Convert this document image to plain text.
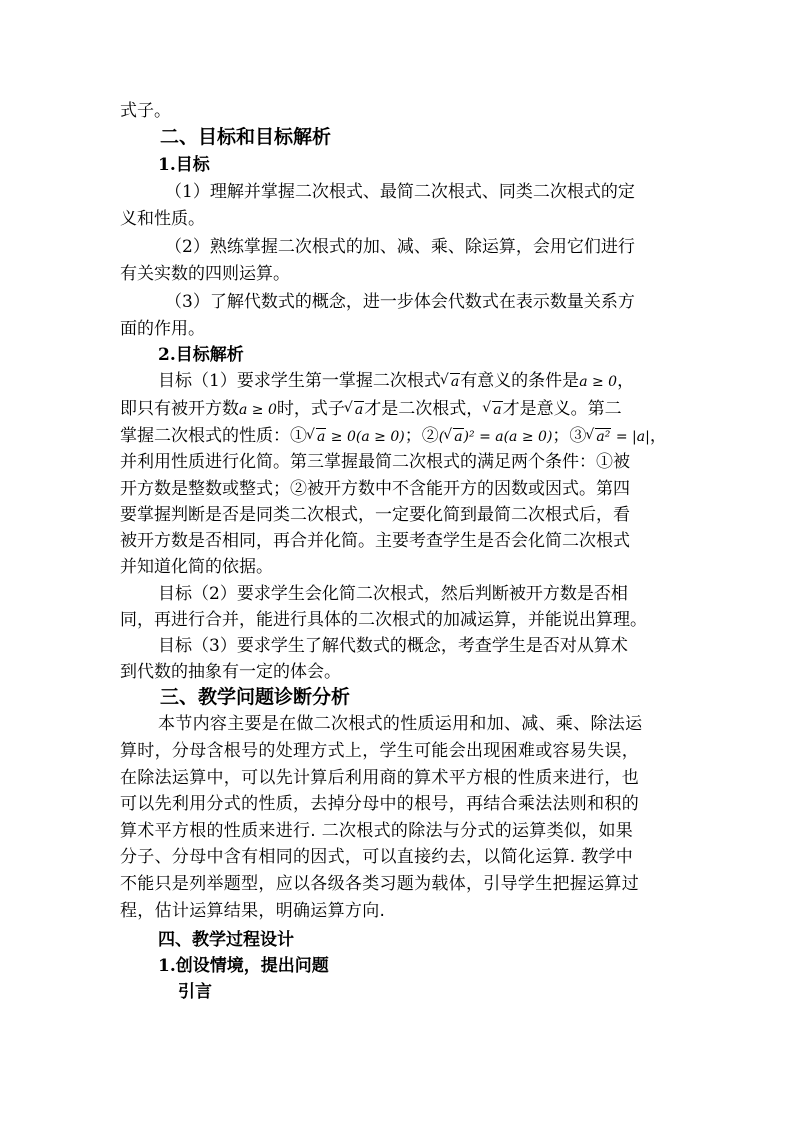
式子。

二、目标和目标解析

1.目标

（1）理解并掌握二次根式、最简二次根式、同类二次根式的定

义和性质。

（2）熟练掌握二次根式的加、减、乘、除运算，会用它们进行

有关实数的四则运算。

（3）了解代数式的概念，进一步体会代数式在表示数量关系方

面的作用。

2.目标解析

目标（1）要求学生第一掌握二次根式 √ a有意义的条件是a ≥ 0，

即只有被开方数a ≥ 0时，式子 √ a才是二次根式， √ a才是意义。第二

掌握二次根式的性质：① √ a ≥ 0(a ≥ 0)；②( √ a)² = a(a ≥ 0)；③ √ a² = |a|，

并利用性质进行化简。第三掌握最简二次根式的满足两个条件：①被

开方数是整数或整式；②被开方数中不含能开方的因数或因式。第四

要掌握判断是否是同类二次根式，一定要化简到最简二次根式后，看

被开方数是否相同，再合并化简。主要考查学生是否会化简二次根式

并知道化简的依据。

目标（2）要求学生会化简二次根式，然后判断被开方数是否相

同，再进行合并，能进行具体的二次根式的加减运算，并能说出算理。

目标（3）要求学生了解代数式的概念，考查学生是否对从算术

到代数的抽象有一定的体会。

三、教学问题诊断分析

本节内容主要是在做二次根式的性质运用和加、减、乘、除法运

算时，分母含根号的处理方式上，学生可能会出现困难或容易失误，

在除法运算中，可以先计算后利用商的算术平方根的性质来进行，也

可以先利用分式的性质，去掉分母中的根号，再结合乘法法则和积的

算术平方根的性质来进行. 二次根式的除法与分式的运算类似，如果

分子、分母中含有相同的因式，可以直接约去，以简化运算. 教学中

不能只是列举题型，应以各级各类习题为载体，引导学生把握运算过

程，估计运算结果，明确运算方向.

四、教学过程设计

1.创设情境，提出问题

引言
